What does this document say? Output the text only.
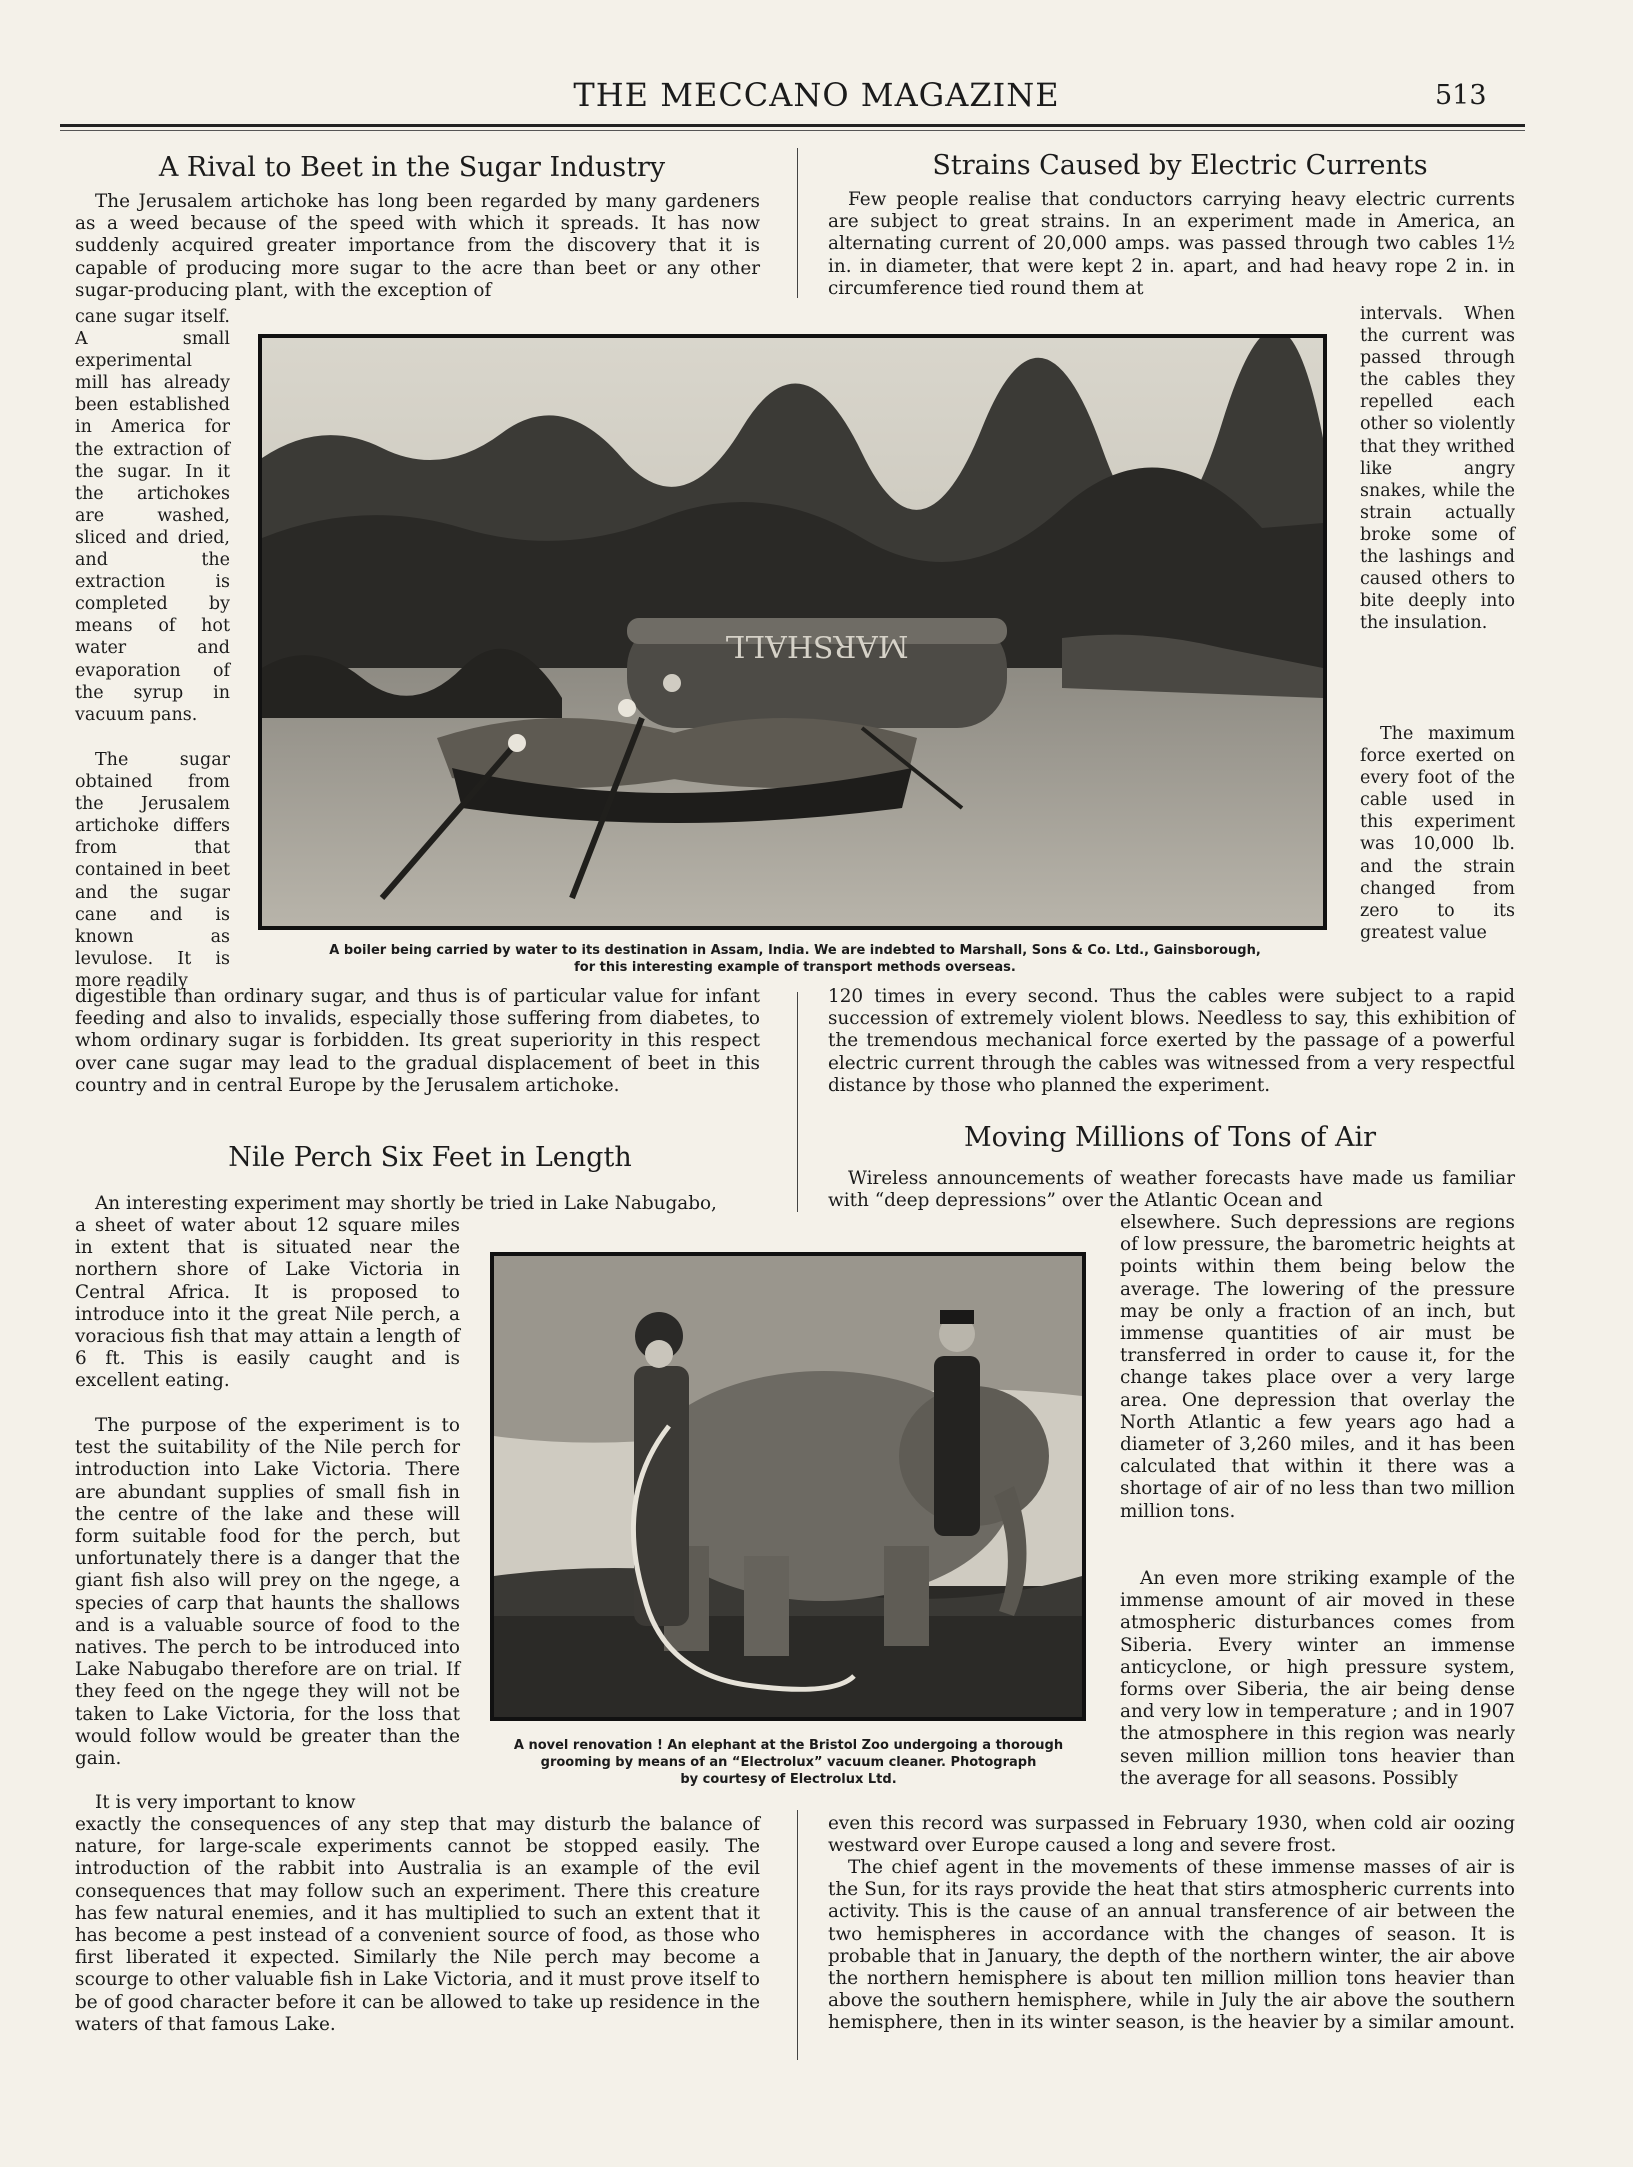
THE MECCANO MAGAZINE	513
A Rival to Beet in the Sugar Industry

The Jerusalem artichoke has long been regarded by many gardeners as a weed because of the speed with which it spreads. It has now suddenly acquired greater importance from the discovery that it is capable of producing more sugar to the acre than beet or any other sugar-producing plant, with the exception of

cane sugar itself. A small experimental mill has already been established in America for the extraction of the sugar. In it the artichokes are washed, sliced and dried, and the extraction is completed by means of hot water and evaporation of the syrup in vacuum pans.

The sugar obtained from the Jerusalem artichoke differs from that contained in beet and the sugar cane and is known as levulose. It is more readily

digestible than ordinary sugar, and thus is of particular value for infant feeding and also to invalids, especially those suffering from diabetes, to whom ordinary sugar is forbidden. Its great superiority in this respect over cane sugar may lead to the gradual displacement of beet in this country and in central Europe by the Jerusalem artichoke.

Strains Caused by Electric Currents

Few people realise that conductors carrying heavy electric currents are subject to great strains. In an experiment made in America, an alternating current of 20,000 amps. was passed through two cables 1½ in. in diameter, that were kept 2 in. apart, and had heavy rope 2 in. in circumference tied round them at

intervals. When the current was passed through the cables they repelled each other so violently that they writhed like angry snakes, while the strain actually broke some of the lashings and caused others to bite deeply into the insulation.

The maximum force exerted on every foot of the cable used in this experiment was 10,000 lb. and the strain changed from zero to its greatest value

120 times in every second. Thus the cables were subject to a rapid succession of extremely violent blows. Needless to say, this exhibition of the tremendous mechanical force exerted by the passage of a powerful electric current through the cables was witnessed from a very respectful distance by those who planned the experiment.

MARSHALL
A boiler being carried by water to its destination in Assam, India. We are indebted to Marshall, Sons & Co. Ltd., Gainsborough,
for this interesting example of transport methods overseas.
Nile Perch Six Feet in Length

An interesting experiment may shortly be tried in Lake Nabugabo,

a sheet of water about 12 square miles in extent that is situated near the northern shore of Lake Victoria in Central Africa. It is proposed to introduce into it the great Nile perch, a voracious fish that may attain a length of 6 ft. This is easily caught and is excellent eating.

The purpose of the experiment is to test the suitability of the Nile perch for introduction into Lake Victoria. There are abundant supplies of small fish in the centre of the lake and these will form suitable food for the perch, but unfortunately there is a danger that the giant fish also will prey on the ngege, a species of carp that haunts the shallows and is a valuable source of food to the natives. The perch to be introduced into Lake Nabugabo therefore are on trial. If they feed on the ngege they will not be taken to Lake Victoria, for the loss that would follow would be greater than the gain.

It is very important to know

exactly the consequences of any step that may disturb the balance of nature, for large-scale experiments cannot be stopped easily. The introduction of the rabbit into Australia is an example of the evil consequences that may follow such an experiment. There this creature has few natural enemies, and it has multiplied to such an extent that it has become a pest instead of a convenient source of food, as those who first liberated it expected. Similarly the Nile perch may become a scourge to other valuable fish in Lake Victoria, and it must prove itself to be of good character before it can be allowed to take up residence in the waters of that famous Lake.

Moving Millions of Tons of Air

Wireless announcements of weather forecasts have made us familiar with “deep depressions” over the Atlantic Ocean and

elsewhere. Such depressions are regions of low pressure, the barometric heights at points within them being below the average. The lowering of the pressure may be only a fraction of an inch, but immense quantities of air must be transferred in order to cause it, for the change takes place over a very large area. One depression that overlay the North Atlantic a few years ago had a diameter of 3,260 miles, and it has been calculated that within it there was a shortage of air of no less than two million million tons.

An even more striking example of the immense amount of air moved in these atmospheric disturbances comes from Siberia. Every winter an immense anticyclone, or high pressure system, forms over Siberia, the air being dense and very low in temperature ; and in 1907 the atmosphere in this region was nearly seven million million tons heavier than the average for all seasons. Possibly

even this record was surpassed in February 1930, when cold air oozing westward over Europe caused a long and severe frost.

The chief agent in the movements of these immense masses of air is the Sun, for its rays provide the heat that stirs atmospheric currents into activity. This is the cause of an annual transference of air between the two hemispheres in accordance with the changes of season. It is probable that in January, the depth of the northern winter, the air above the northern hemisphere is about ten million million tons heavier than above the southern hemisphere, while in July the air above the southern hemisphere, then in its winter season, is the heavier by a similar amount.

A novel renovation ! An elephant at the Bristol Zoo undergoing a thorough
grooming by means of an “Electrolux” vacuum cleaner. Photograph
by courtesy of Electrolux Ltd.
